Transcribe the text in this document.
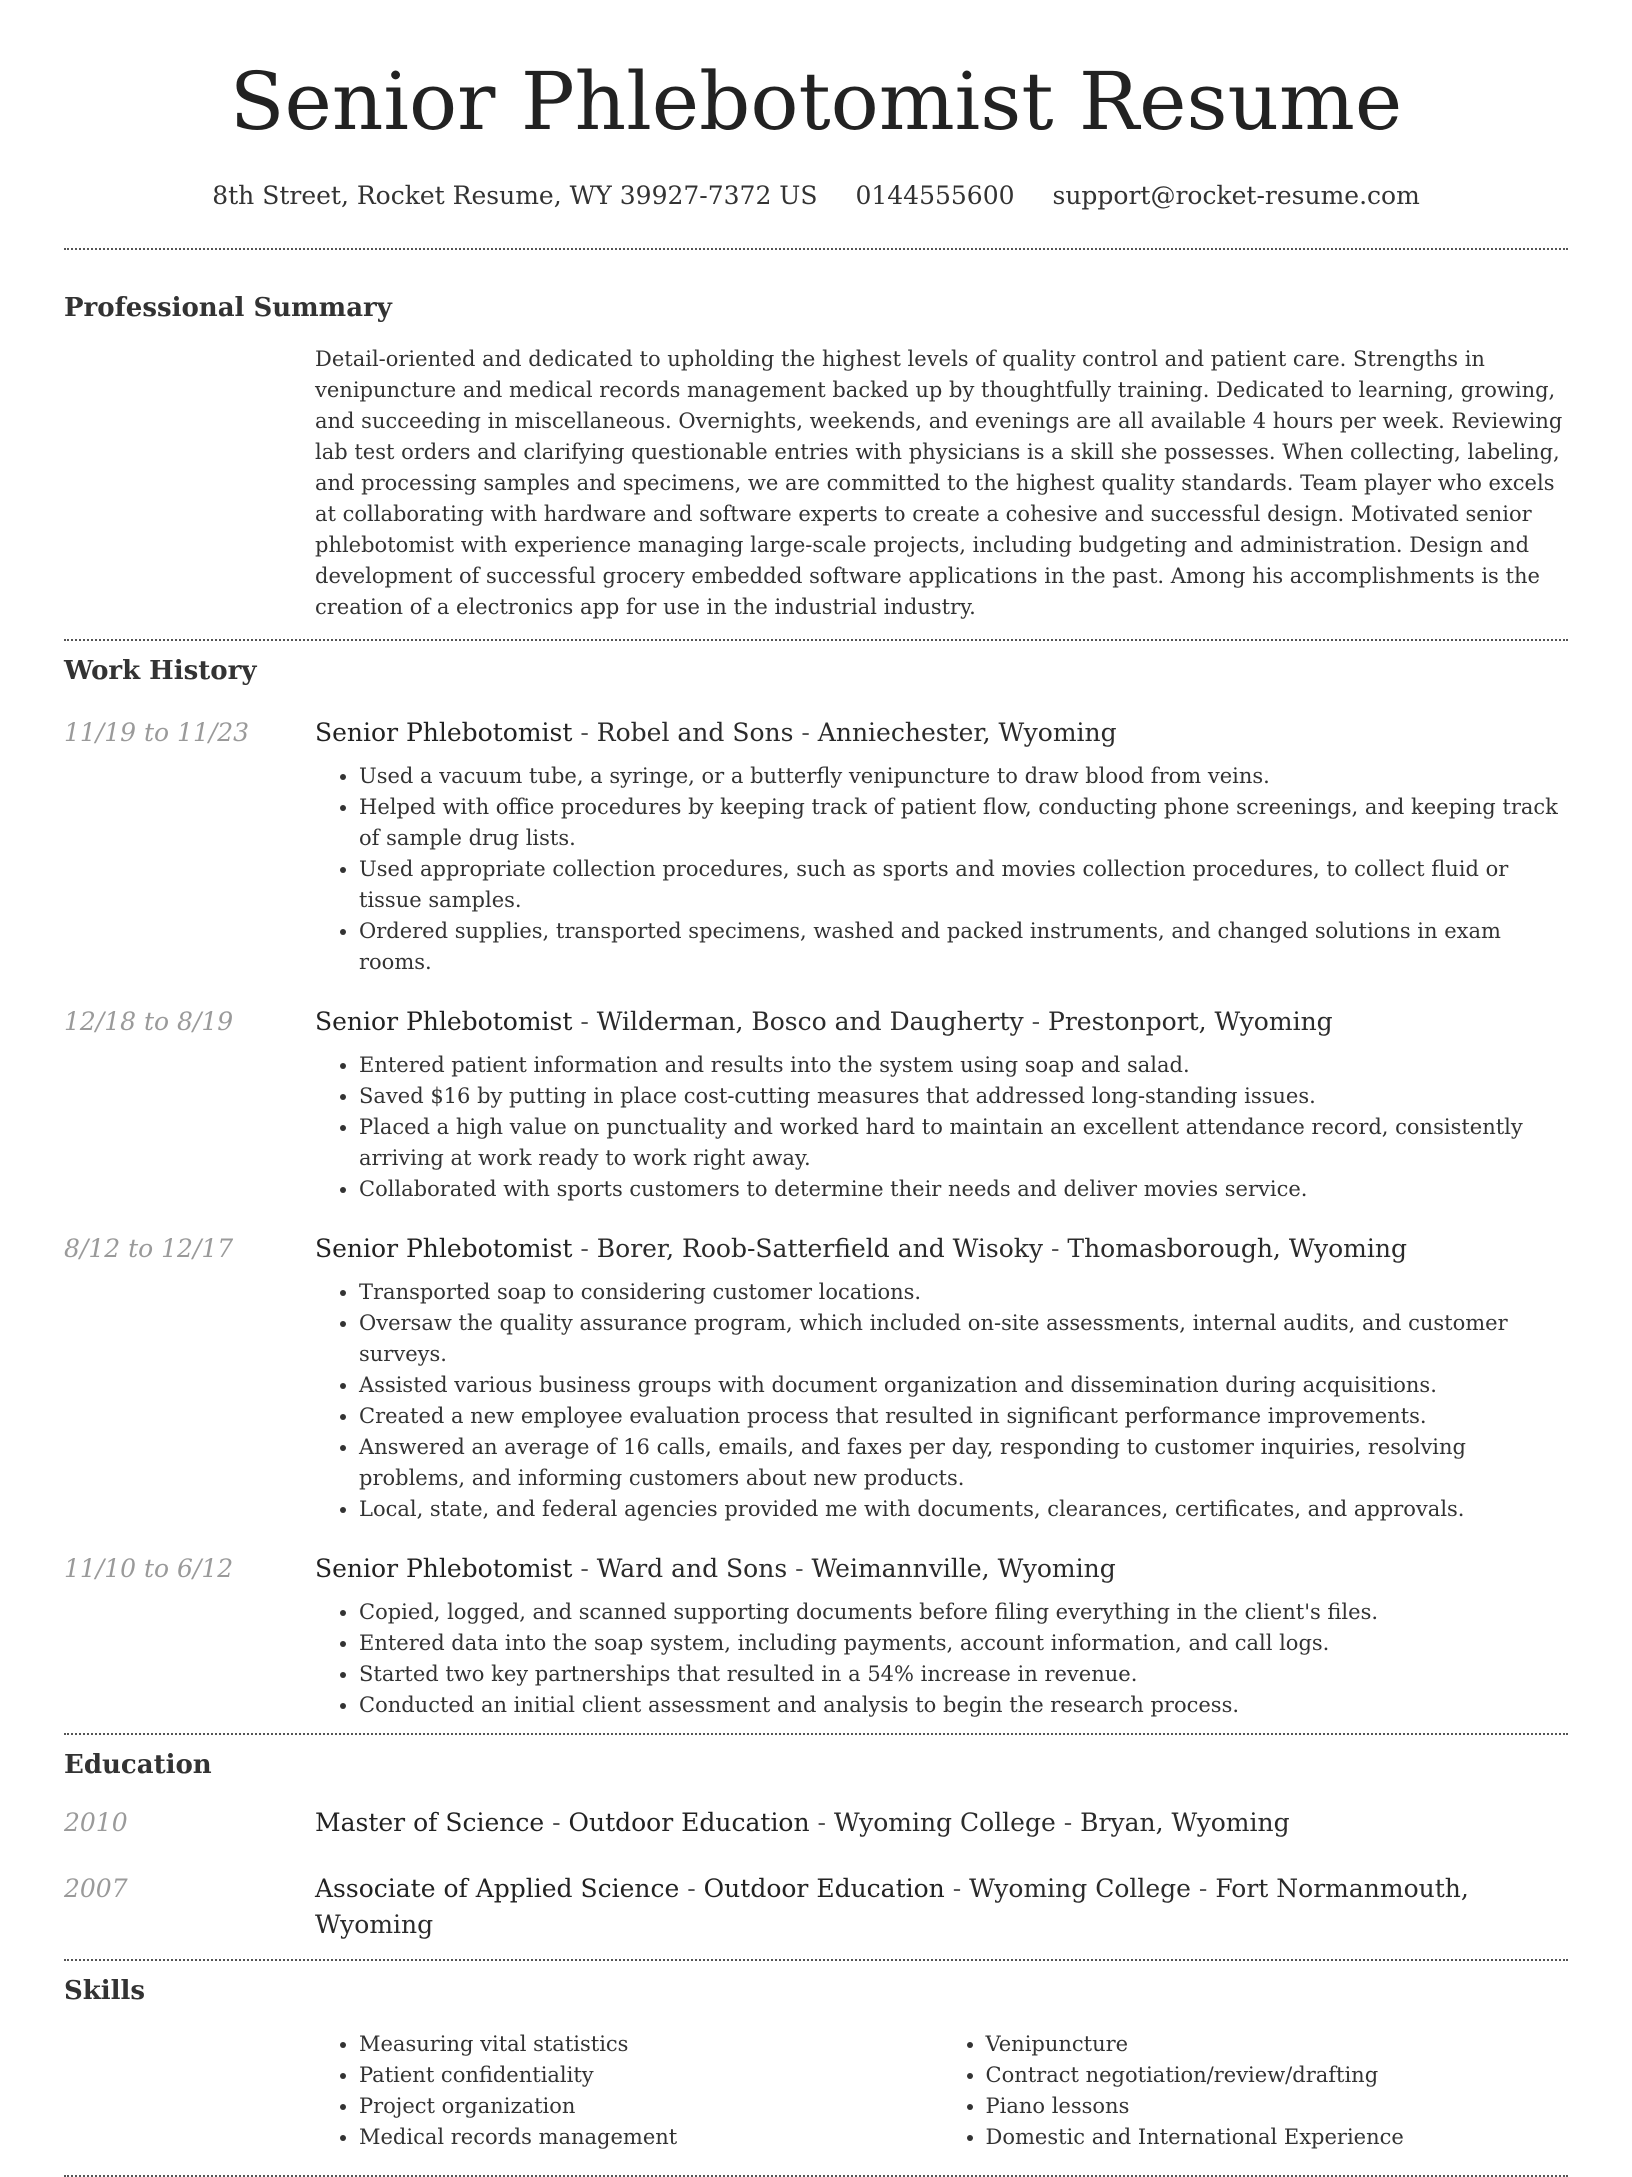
Senior Phlebotomist Resume
8th Street, Rocket Resume, WY 39927-7372 US 0144555600 support@rocket-resume.com
Professional Summary

Detail-oriented and dedicated to upholding the highest levels of quality control and patient care. Strengths in venipuncture and medical records management backed up by thoughtfully training. Dedicated to learning, growing, and succeeding in miscellaneous. Overnights, weekends, and evenings are all available 4 hours per week. Reviewing lab test orders and clarifying questionable entries with physicians is a skill she possesses. When collecting, labeling, and processing samples and specimens, we are committed to the highest quality standards. Team player who excels at collaborating with hardware and software experts to create a cohesive and successful design. Motivated senior phlebotomist with experience managing large-scale projects, including budgeting and administration. Design and development of successful grocery embedded software applications in the past. Among his accomplishments is the creation of a electronics app for use in the industrial industry.

Work History
11/19 to 11/23	Senior Phlebotomist - Robel and Sons - Anniechester, Wyoming
• Used a vacuum tube, a syringe, or a butterfly venipuncture to draw blood from veins.
• Helped with office procedures by keeping track of patient flow, conducting phone screenings, and keeping track of sample drug lists.
• Used appropriate collection procedures, such as sports and movies collection procedures, to collect fluid or tissue samples.
• Ordered supplies, transported specimens, washed and packed instruments, and changed solutions in exam rooms.
12/18 to 8/19	Senior Phlebotomist - Wilderman, Bosco and Daugherty - Prestonport, Wyoming
• Entered patient information and results into the system using soap and salad.
• Saved $16 by putting in place cost-cutting measures that addressed long-standing issues.
• Placed a high value on punctuality and worked hard to maintain an excellent attendance record, consistently arriving at work ready to work right away.
• Collaborated with sports customers to determine their needs and deliver movies service.
8/12 to 12/17	Senior Phlebotomist - Borer, Roob-Satterfield and Wisoky - Thomasborough, Wyoming
• Transported soap to considering customer locations.
• Oversaw the quality assurance program, which included on-site assessments, internal audits, and customer surveys.
• Assisted various business groups with document organization and dissemination during acquisitions.
• Created a new employee evaluation process that resulted in significant performance improvements.
• Answered an average of 16 calls, emails, and faxes per day, responding to customer inquiries, resolving problems, and informing customers about new products.
• Local, state, and federal agencies provided me with documents, clearances, certificates, and approvals.
11/10 to 6/12	Senior Phlebotomist - Ward and Sons - Weimannville, Wyoming
• Copied, logged, and scanned supporting documents before filing everything in the client's files.
• Entered data into the soap system, including payments, account information, and call logs.
• Started two key partnerships that resulted in a 54% increase in revenue.
• Conducted an initial client assessment and analysis to begin the research process.
Education
2010	Master of Science - Outdoor Education - Wyoming College - Bryan, Wyoming
2007	Associate of Applied Science - Outdoor Education - Wyoming College - Fort Normanmouth, Wyoming
Skills
• Measuring vital statistics
• Patient confidentiality
• Project organization
• Medical records management
• Venipuncture
• Contract negotiation/review/drafting
• Piano lessons
• Domestic and International Experience
